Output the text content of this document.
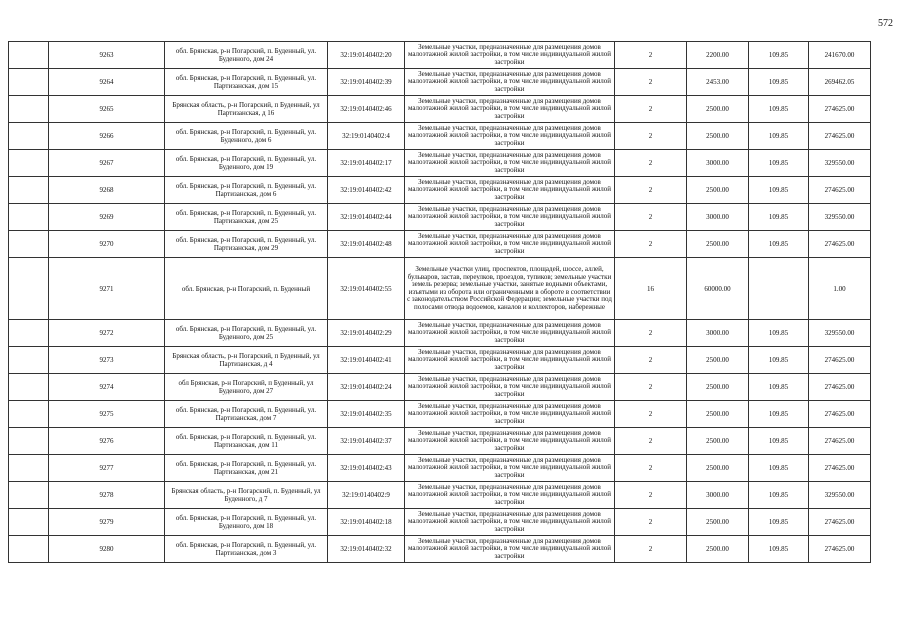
572
	9263	обл. Брянская, р-н Погарский, п. Буденный, ул. Буденного, дом 24	32:19:0140402:20	Земельные участки, предназначенные для размещения домов малоэтажной жилой застройки, в том числе индивидуальной жилой застройки	2	2200.00	109.85	241670.00
	9264	обл. Брянская, р-н Погарский, п. Буденный, ул. Партизанская, дом 15	32:19:0140402:39	Земельные участки, предназначенные для размещения домов малоэтажной жилой застройки, в том числе индивидуальной жилой застройки	2	2453.00	109.85	269462.05
	9265	Брянская область, р-н Погарский, п Буденный, ул Партизанская, д 16	32:19:0140402:46	Земельные участки, предназначенные для размещения домов малоэтажной жилой застройки, в том числе индивидуальной жилой застройки	2	2500.00	109.85	274625.00
	9266	обл. Брянская, р-н Погарский, п. Буденный, ул. Буденного, дом 6	32:19:0140402:4	Земельные участки, предназначенные для размещения домов малоэтажной жилой застройки, в том числе индивидуальной жилой застройки	2	2500.00	109.85	274625.00
	9267	обл. Брянская, р-н Погарский, п. Буденный, ул. Буденного, дом 19	32:19:0140402:17	Земельные участки, предназначенные для размещения домов малоэтажной жилой застройки, в том числе индивидуальной жилой застройки	2	3000.00	109.85	329550.00
	9268	обл. Брянская, р-н Погарский, п. Буденный, ул. Партизанская, дом 6	32:19:0140402:42	Земельные участки, предназначенные для размещения домов малоэтажной жилой застройки, в том числе индивидуальной жилой застройки	2	2500.00	109.85	274625.00
	9269	обл. Брянская, р-н Погарский, п. Буденный, ул. Партизанская, дом 25	32:19:0140402:44	Земельные участки, предназначенные для размещения домов малоэтажной жилой застройки, в том числе индивидуальной жилой застройки	2	3000.00	109.85	329550.00
	9270	обл. Брянская, р-н Погарский, п. Буденный, ул. Партизанская, дом 29	32:19:0140402:48	Земельные участки, предназначенные для размещения домов малоэтажной жилой застройки, в том числе индивидуальной жилой застройки	2	2500.00	109.85	274625.00
	9271	обл. Брянская, р-н Погарский, п. Буденный	32:19:0140402:55	Земельные участки улиц, проспектов, площадей, шоссе, аллей, бульваров, застав, переулков, проездов, тупиков; земельные участки земель резерва; земельные участки, занятые водными объектами, изъятыми из оборота или ограниченными в обороте в соответствии с законодательством Российской Федерации; земельные участки под полосами отвода водоемов, каналов и коллекторов, набережные	16	60000.00		1.00
	9272	обл. Брянская, р-н Погарский, п. Буденный, ул. Буденного, дом 25	32:19:0140402:29	Земельные участки, предназначенные для размещения домов малоэтажной жилой застройки, в том числе индивидуальной жилой застройки	2	3000.00	109.85	329550.00
	9273	Брянская область, р-н Погарский, п Буденный, ул Партизанская, д 4	32:19:0140402:41	Земельные участки, предназначенные для размещения домов малоэтажной жилой застройки, в том числе индивидуальной жилой застройки	2	2500.00	109.85	274625.00
	9274	обл Брянская, р-н Погарский, п Буденный, ул Буденного, дом 27	32:19:0140402:24	Земельные участки, предназначенные для размещения домов малоэтажной жилой застройки, в том числе индивидуальной жилой застройки	2	2500.00	109.85	274625.00
	9275	обл. Брянская, р-н Погарский, п. Буденный, ул. Партизанская, дом 7	32:19:0140402:35	Земельные участки, предназначенные для размещения домов малоэтажной жилой застройки, в том числе индивидуальной жилой застройки	2	2500.00	109.85	274625.00
	9276	обл. Брянская, р-н Погарский, п. Буденный, ул. Партизанская, дом 11	32:19:0140402:37	Земельные участки, предназначенные для размещения домов малоэтажной жилой застройки, в том числе индивидуальной жилой застройки	2	2500.00	109.85	274625.00
	9277	обл. Брянская, р-н Погарский, п. Буденный, ул. Партизанская, дом 21	32:19:0140402:43	Земельные участки, предназначенные для размещения домов малоэтажной жилой застройки, в том числе индивидуальной жилой застройки	2	2500.00	109.85	274625.00
	9278	Брянская область, р-н Погарский, п. Буденный, ул Буденного, д 7	32:19:0140402:9	Земельные участки, предназначенные для размещения домов малоэтажной жилой застройки, в том числе индивидуальной жилой застройки	2	3000.00	109.85	329550.00
	9279	обл. Брянская, р-н Погарский, п. Буденный, ул. Буденного, дом 18	32:19:0140402:18	Земельные участки, предназначенные для размещения домов малоэтажной жилой застройки, в том числе индивидуальной жилой застройки	2	2500.00	109.85	274625.00
	9280	обл. Брянская, р-н Погарский, п. Буденный, ул. Партизанская, дом 3	32:19:0140402:32	Земельные участки, предназначенные для размещения домов малоэтажной жилой застройки, в том числе индивидуальной жилой застройки	2	2500.00	109.85	274625.00
